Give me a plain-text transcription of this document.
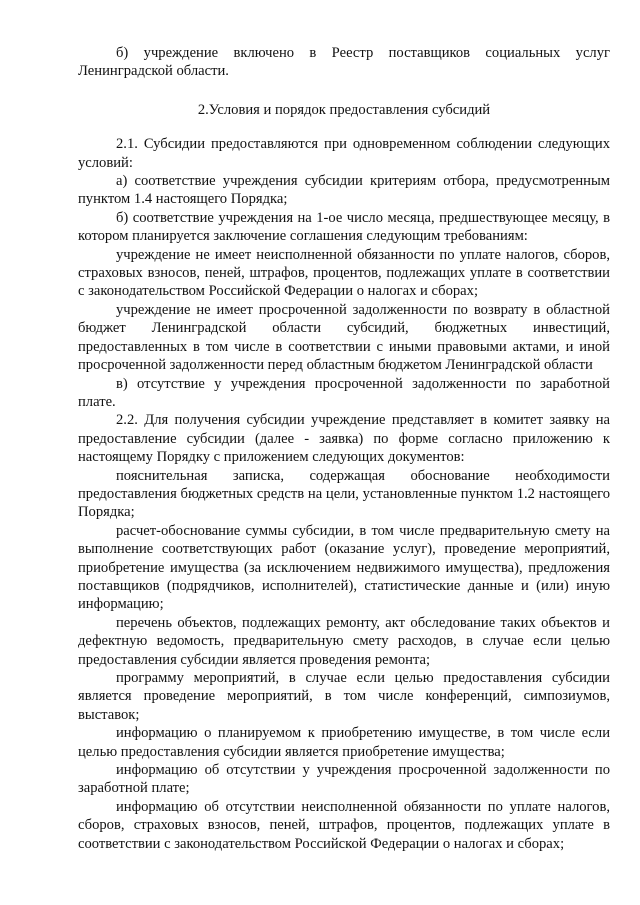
б) учреждение включено в Реестр поставщиков социальных услуг Ленинградской области.

2.Условия и порядок предоставления субсидий

2.1. Субсидии предоставляются при одновременном соблюдении следующих условий:

а) соответствие учреждения субсидии критериям отбора, предусмотренным пунктом 1.4 настоящего Порядка;

б) соответствие учреждения на 1-ое число месяца, предшествующее месяцу, в котором планируется заключение соглашения следующим требованиям:

учреждение не имеет неисполненной обязанности по уплате налогов, сборов, страховых взносов, пеней, штрафов, процентов, подлежащих уплате в соответствии с законодательством Российской Федерации о налогах и сборах;

учреждение не имеет просроченной задолженности по возврату в областной бюджет Ленинградской области субсидий, бюджетных инвестиций, предоставленных в том числе в соответствии с иными правовыми актами, и иной просроченной задолженности перед областным бюджетом Ленинградской области

в) отсутствие у учреждения просроченной задолженности по заработной плате.

2.2. Для получения субсидии учреждение представляет в комитет заявку на предоставление субсидии (далее - заявка) по форме согласно приложению к настоящему Порядку с приложением следующих документов:

пояснительная записка, содержащая обоснование необходимости предоставления бюджетных средств на цели, установленные пунктом 1.2 настоящего Порядка;

расчет-обоснование суммы субсидии, в том числе предварительную смету на выполнение соответствующих работ (оказание услуг), проведение мероприятий, приобретение имущества (за исключением недвижимого имущества), предложения поставщиков (подрядчиков, исполнителей), статистические данные и (или) иную информацию;

перечень объектов, подлежащих ремонту, акт обследование таких объектов и дефектную ведомость, предварительную смету расходов, в случае если целью предоставления субсидии является проведения ремонта;

программу мероприятий, в случае если целью предоставления субсидии является проведение мероприятий, в том числе конференций, симпозиумов, выставок;

информацию о планируемом к приобретению имуществе, в том числе если целью предоставления субсидии является приобретение имущества;

информацию об отсутствии у учреждения просроченной задолженности по заработной плате;

информацию об отсутствии неисполненной обязанности по уплате налогов, сборов, страховых взносов, пеней, штрафов, процентов, подлежащих уплате в соответствии с законодательством Российской Федерации о налогах и сборах;
